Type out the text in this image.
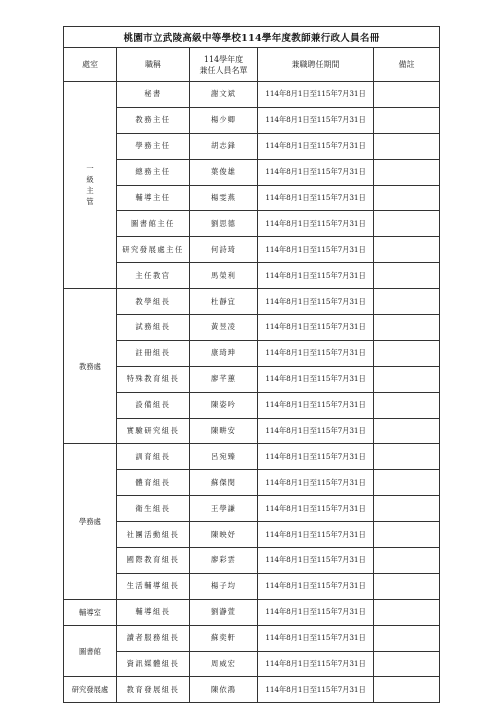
桃園市立武陵高級中等學校114學年度教師兼行政人員名冊				
處室	職稱	114學年度
兼任人員名單	兼職聘任期間	備註

一
級
主
管	秘書	謝文斌	114年8月1日至115年7月31日	
	教務主任	楊少卿	114年8月1日至115年7月31日	
	學務主任	胡志鋒	114年8月1日至115年7月31日	
	總務主任	葉俊雄	114年8月1日至115年7月31日	
	輔導主任	楊雯燕	114年8月1日至115年7月31日	
	圖書館主任	劉思德	114年8月1日至115年7月31日	
	研究發展處主任	何詩琦	114年8月1日至115年7月31日	
	主任教官	馬榮利	114年8月1日至115年7月31日	
教務處	教學組長	杜靜宜	114年8月1日至115年7月31日	
	試務組長	黃昱凌	114年8月1日至115年7月31日	
	註冊組長	康琦珅	114年8月1日至115年7月31日	
	特殊教育組長	廖芊蕙	114年8月1日至115年7月31日	
	設備組長	陳姿吟	114年8月1日至115年7月31日	
	實驗研究組長	陳畊安	114年8月1日至115年7月31日	
學務處	訓育組長	呂宛臻	114年8月1日至115年7月31日	
	體育組長	蘇傑閔	114年8月1日至115年7月31日	
	衛生組長	王學謙	114年8月1日至115年7月31日	
	社團活動組長	陳映妤	114年8月1日至115年7月31日	
	國際教育組長	廖彩雲	114年8月1日至115年7月31日	
	生活輔導組長	楊子均	114年8月1日至115年7月31日	
輔導室	輔導組長	劉瀞萱	114年8月1日至115年7月31日	
圖書館	讀者服務組長	蘇奕軒	114年8月1日至115年7月31日	
	資訊媒體組長	周威宏	114年8月1日至115年7月31日	
研究發展處	教育發展組長	陳依鴻	114年8月1日至115年7月31日	
